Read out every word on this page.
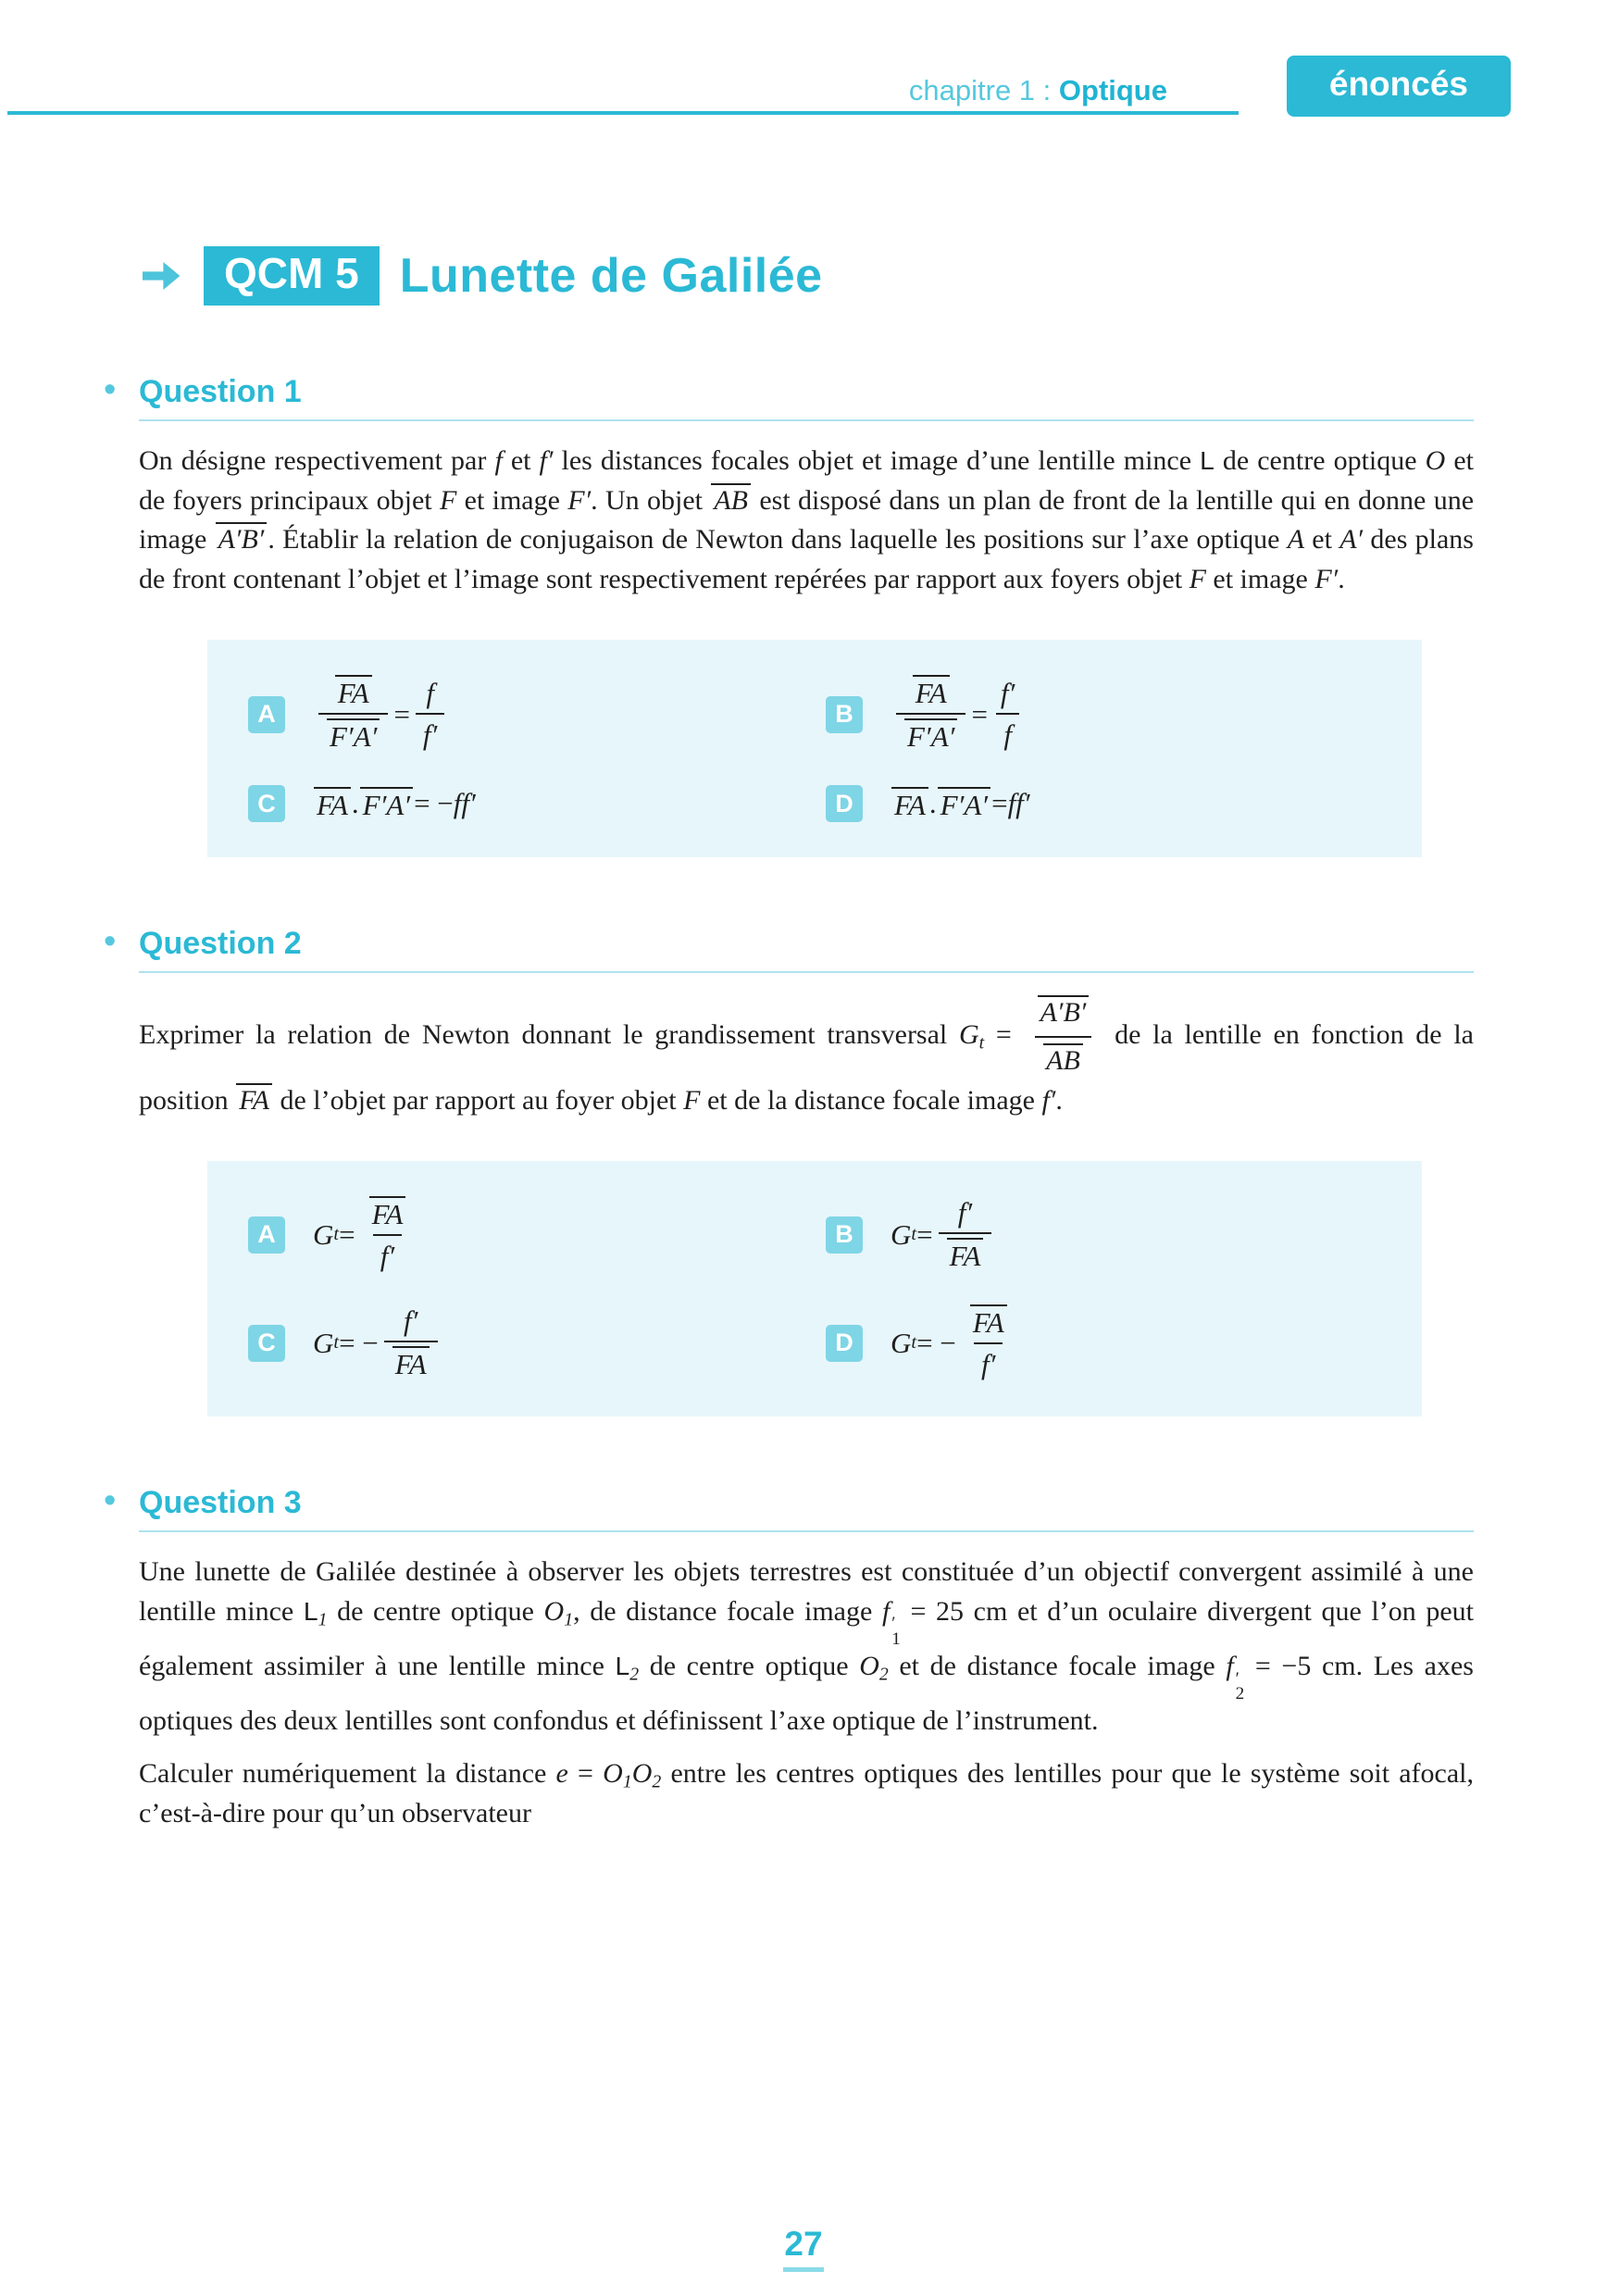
chapitre 1 : Optique	énoncés
QCM 5 Lunette de Galilée
• Question 1

On désigne respectivement par f et f′ les distances focales objet et image d’une lentille mince L de centre optique O et de foyers principaux objet F et image F′. Un objet AB est disposé dans un plan de front de la lentille qui en donne une image A′B′ . Établir la relation de conjugaison de Newton dans laquelle les positions sur l’axe optique A et A′ des plans de front contenant l’objet et l’image sont respectivement repérées par rapport aux foyers objet F et image F′.

A	$\frac{FA}{F'A'} = \frac{f}{f'}$	B	$\frac{FA}{F'A'} = \frac{f'}{f}$
C	FA . F′A′ = − ff′	D	FA . F′A′ = ff′
• Question 2

Exprimer la relation de Newton donnant le grandissement transversal $Gt = \frac{A'B'}{AB}$ de la lentille en fonction de la position FA de l’objet par rapport au foyer objet F et de la distance focale image f′.

A	G $t = \frac{FA}{f'}$	B	G $t = \frac{f'}{FA}$
C	G t = − $\frac{f'}{FA}$	D	G t = − $\frac{FA}{f'}$
• Question 3

Une lunette de Galilée destinée à observer les objets terrestres est constituée d’un objectif convergent assimilé à une lentille mince L1 de centre optique O1, de distance focale image f ′
1
= 25 cm et d’un oculaire divergent que l’on peut également assimiler à une lentille mince L2 de centre optique O2 et de distance focale image f ′
2
= −5 cm. Les axes optiques des deux lentilles sont confondus et définissent l’axe optique de l’instrument.

Calculer numériquement la distance e = O1O2 entre les centres optiques des lentilles pour que le système soit afocal, c’est-à-dire pour qu’un observateur

27
